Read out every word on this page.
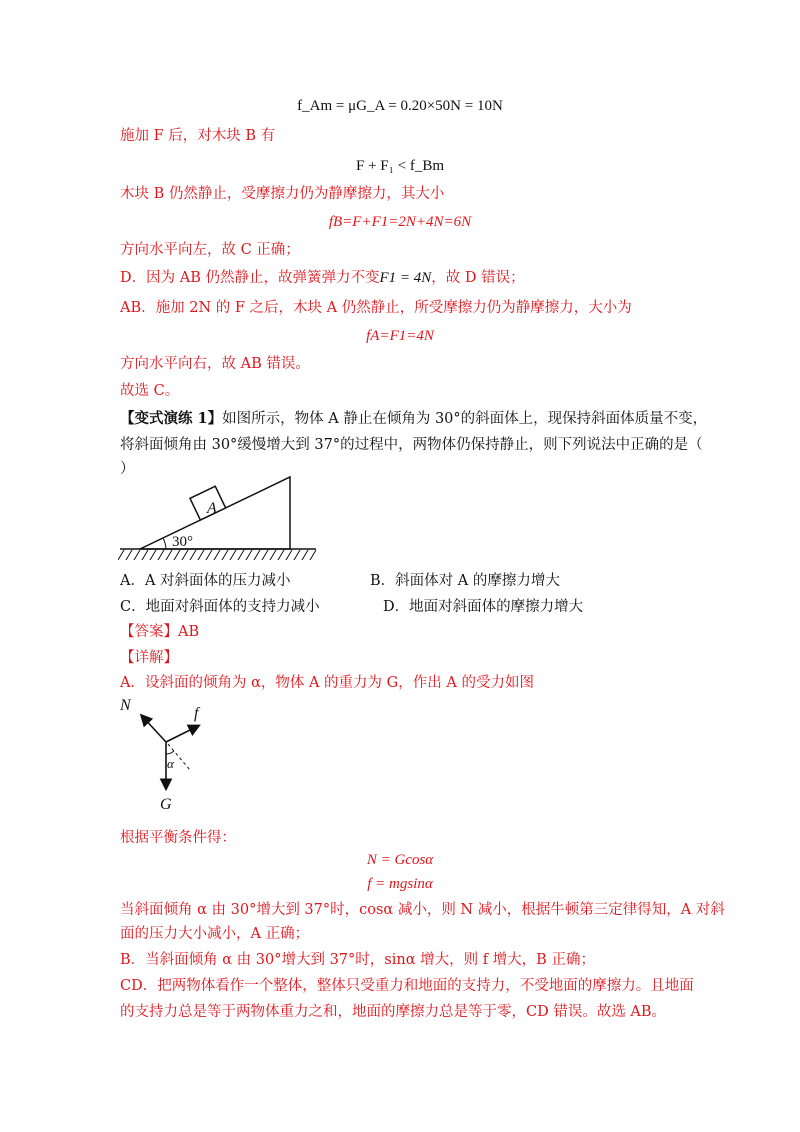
f_Am = μG_A = 0.20×50N = 10N
施加 F 后，对木块 B 有
F + F₁ < f_Bm
木块 B 仍然静止，受摩擦力仍为静摩擦力，其大小
fB=F+F1=2N+4N=6N
方向水平向左，故 C 正确；
D．因为 AB 仍然静止，故弹簧弹力不变F1 = 4N，故 D 错误；
AB．施加 2N 的 F 之后，木块 A 仍然静止，所受摩擦力仍为静摩擦力，大小为
fA=F1=4N
方向水平向右，故 AB 错误。
故选 C。
【变式演练 1】如图所示，物体 A 静止在倾角为 30°的斜面体上，现保持斜面体质量不变，
将斜面倾角由 30°缓慢增大到 37°的过程中，两物体仍保持静止，则下列说法中正确的是（
）
A
30°
A．A 对斜面体的压力减小	B．斜面体对 A 的摩擦力增大
C．地面对斜面体的支持力减小	D．地面对斜面体的摩擦力增大
【答案】AB
【详解】
A．设斜面的倾角为 α，物体 A 的重力为 G，作出 A 的受力如图
N	f
G
α
根据平衡条件得：
N = Gcosα
f = mgsinα
当斜面倾角 α 由 30°增大到 37°时，cosα 减小，则 N 减小，根据牛顿第三定律得知，A 对斜
面的压力大小减小，A 正确；
B．当斜面倾角 α 由 30°增大到 37°时，sinα 增大，则 f 增大，B 正确；
CD．把两物体看作一个整体，整体只受重力和地面的支持力，不受地面的摩擦力。且地面
的支持力总是等于两物体重力之和，地面的摩擦力总是等于零，CD 错误。故选 AB。
